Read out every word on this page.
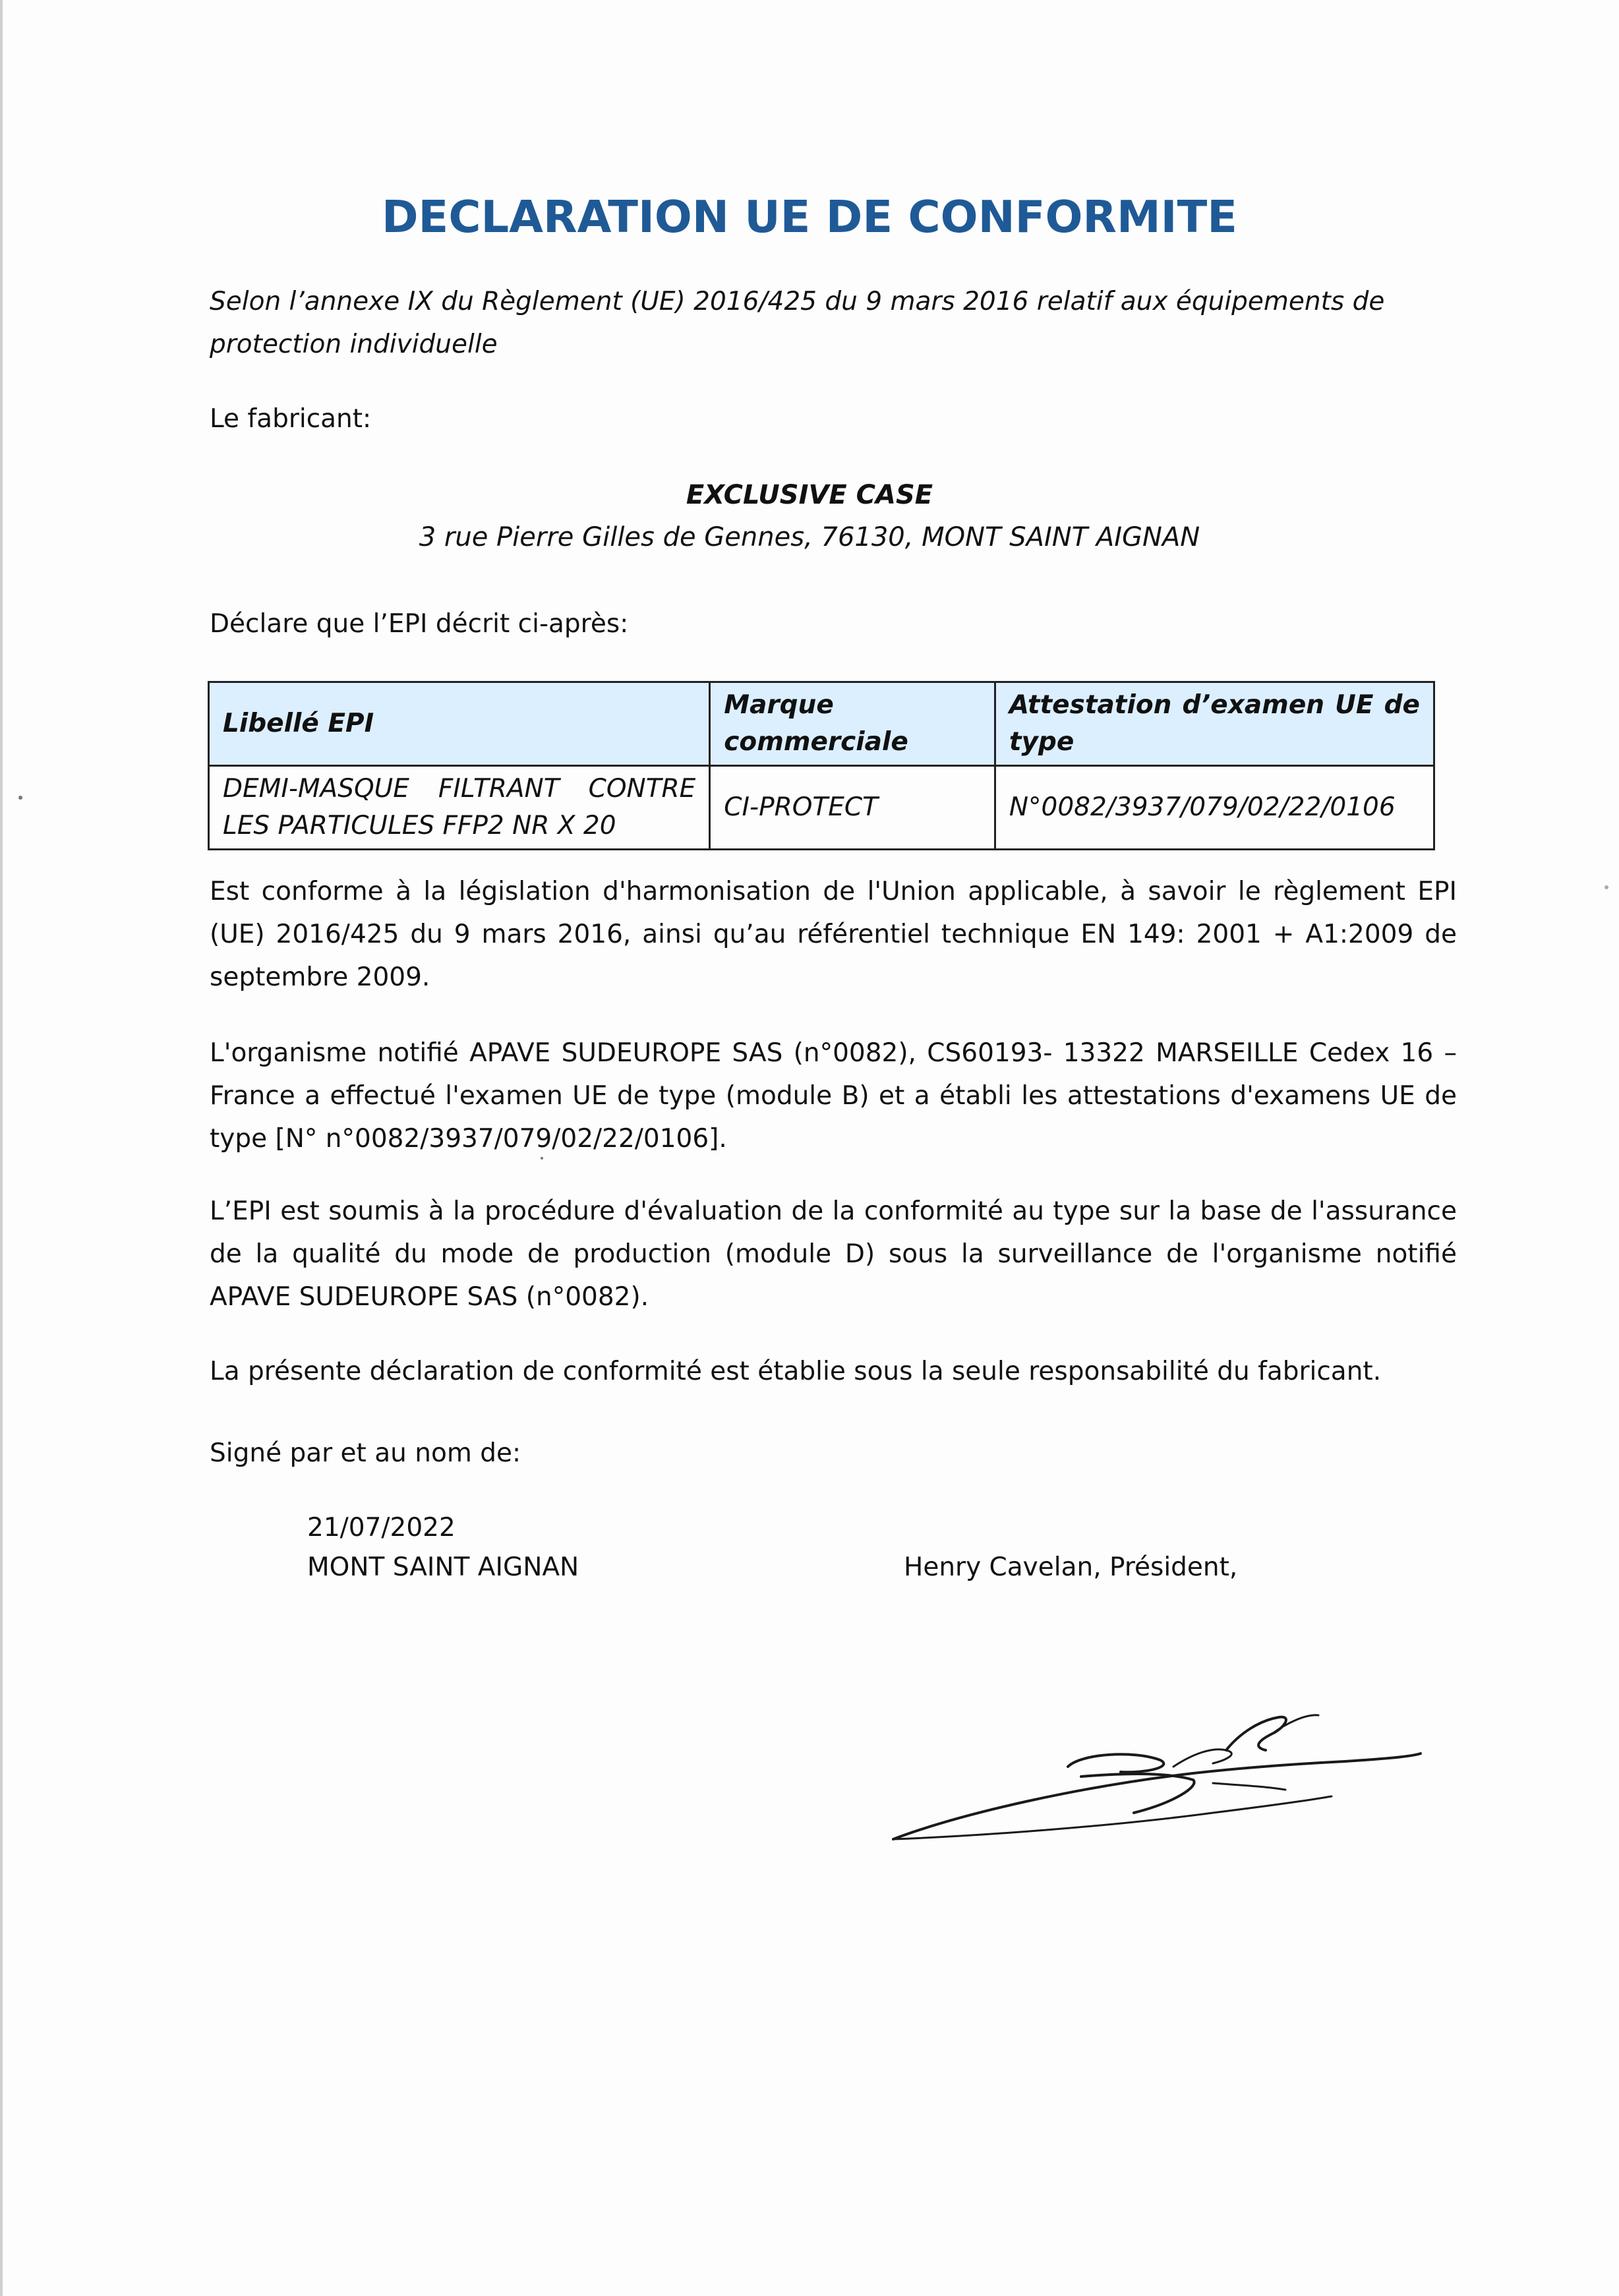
DECLARATION UE DE CONFORMITE
Selon l’annexe IX du Règlement (UE) 2016/425 du 9 mars 2016 relatif aux équipements de protection individuelle
Le fabricant:
EXCLUSIVE CASE
3 rue Pierre Gilles de Gennes, 76130, MONT SAINT AIGNAN
Déclare que l’EPI décrit ci-après:
Libellé EPI	Marque commerciale	Attestation d’examen UE de type
DEMI-MASQUE FILTRANT CONTRE LES PARTICULES FFP2 NR X 20	CI-PROTECT	N°0082/3937/079/02/22/0106
Est conforme à la législation d'harmonisation de l'Union applicable, à savoir le règlement EPI (UE) 2016/425 du 9 mars 2016, ainsi qu’au référentiel technique EN 149: 2001 + A1:2009 de septembre 2009.
L'organisme notifié APAVE SUDEUROPE SAS (n°0082), CS60193- 13322 MARSEILLE Cedex 16 –France a effectué l'examen UE de type (module B) et a établi les attestations d'examens UE de type [N° n°0082/3937/079/02/22/0106].
L’EPI est soumis à la procédure d'évaluation de la conformité au type sur la base de l'assurance de la qualité du mode de production (module D) sous la surveillance de l'organisme notifié APAVE SUDEUROPE SAS (n°0082).
La présente déclaration de conformité est établie sous la seule responsabilité du fabricant.
Signé par et au nom de:
21/07/2022
MONT SAINT AIGNAN	Henry Cavelan, Président,
